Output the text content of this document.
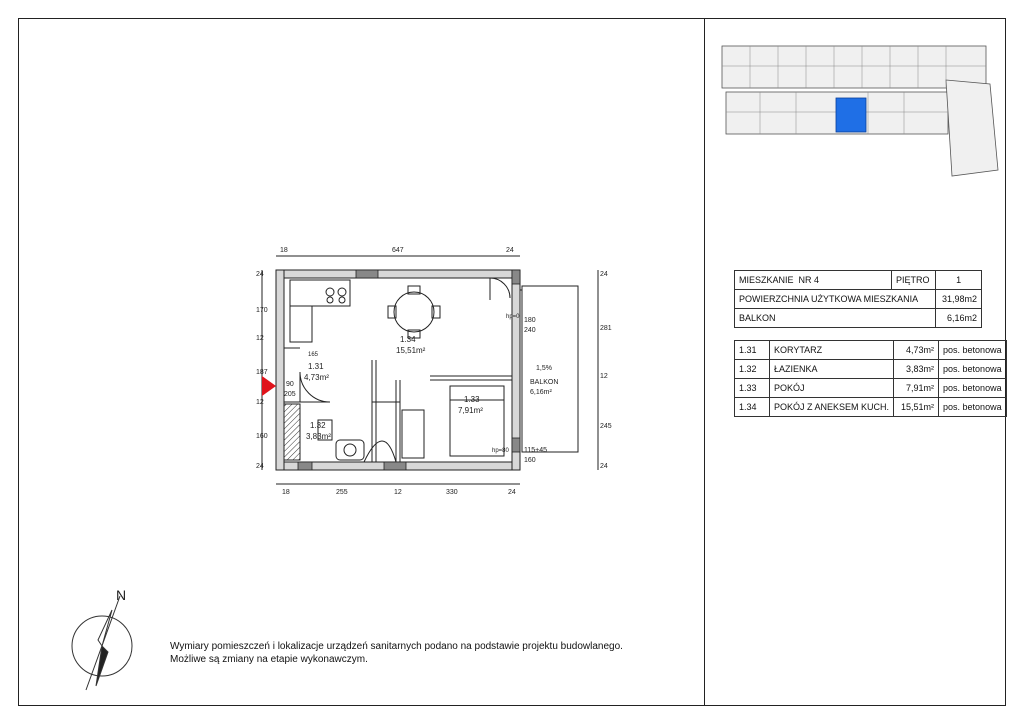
N
1.34
15,51m²
1.31
4,73m²
1.32
3,83m²
1.33
7,91m²
BALKON
6,16m²
1,5%
18	647	24
18	255	12	330	24
90
205
165
180
240
115+45
160
hp=0
hp=80
24
170
12
187
12
160
24
24
281
12
245
24
MIESZKANIE NR 4	PIĘTRO	1
POWIERZCHNIA UŻYTKOWA MIESZKANIA		31,98m2
BALKON		6,16m2
1.31	KORYTARZ	4,73m²	pos. betonowa
1.32	ŁAZIENKA	3,83m²	pos. betonowa
1.33	POKÓJ	7,91m²	pos. betonowa
1.34	POKÓJ Z ANEKSEM KUCH.	15,51m²	pos. betonowa
Wymiary pomieszczeń i lokalizacje urządzeń sanitarnych podano na podstawie projektu budowlanego.
Możliwe są zmiany na etapie wykonawczym.
